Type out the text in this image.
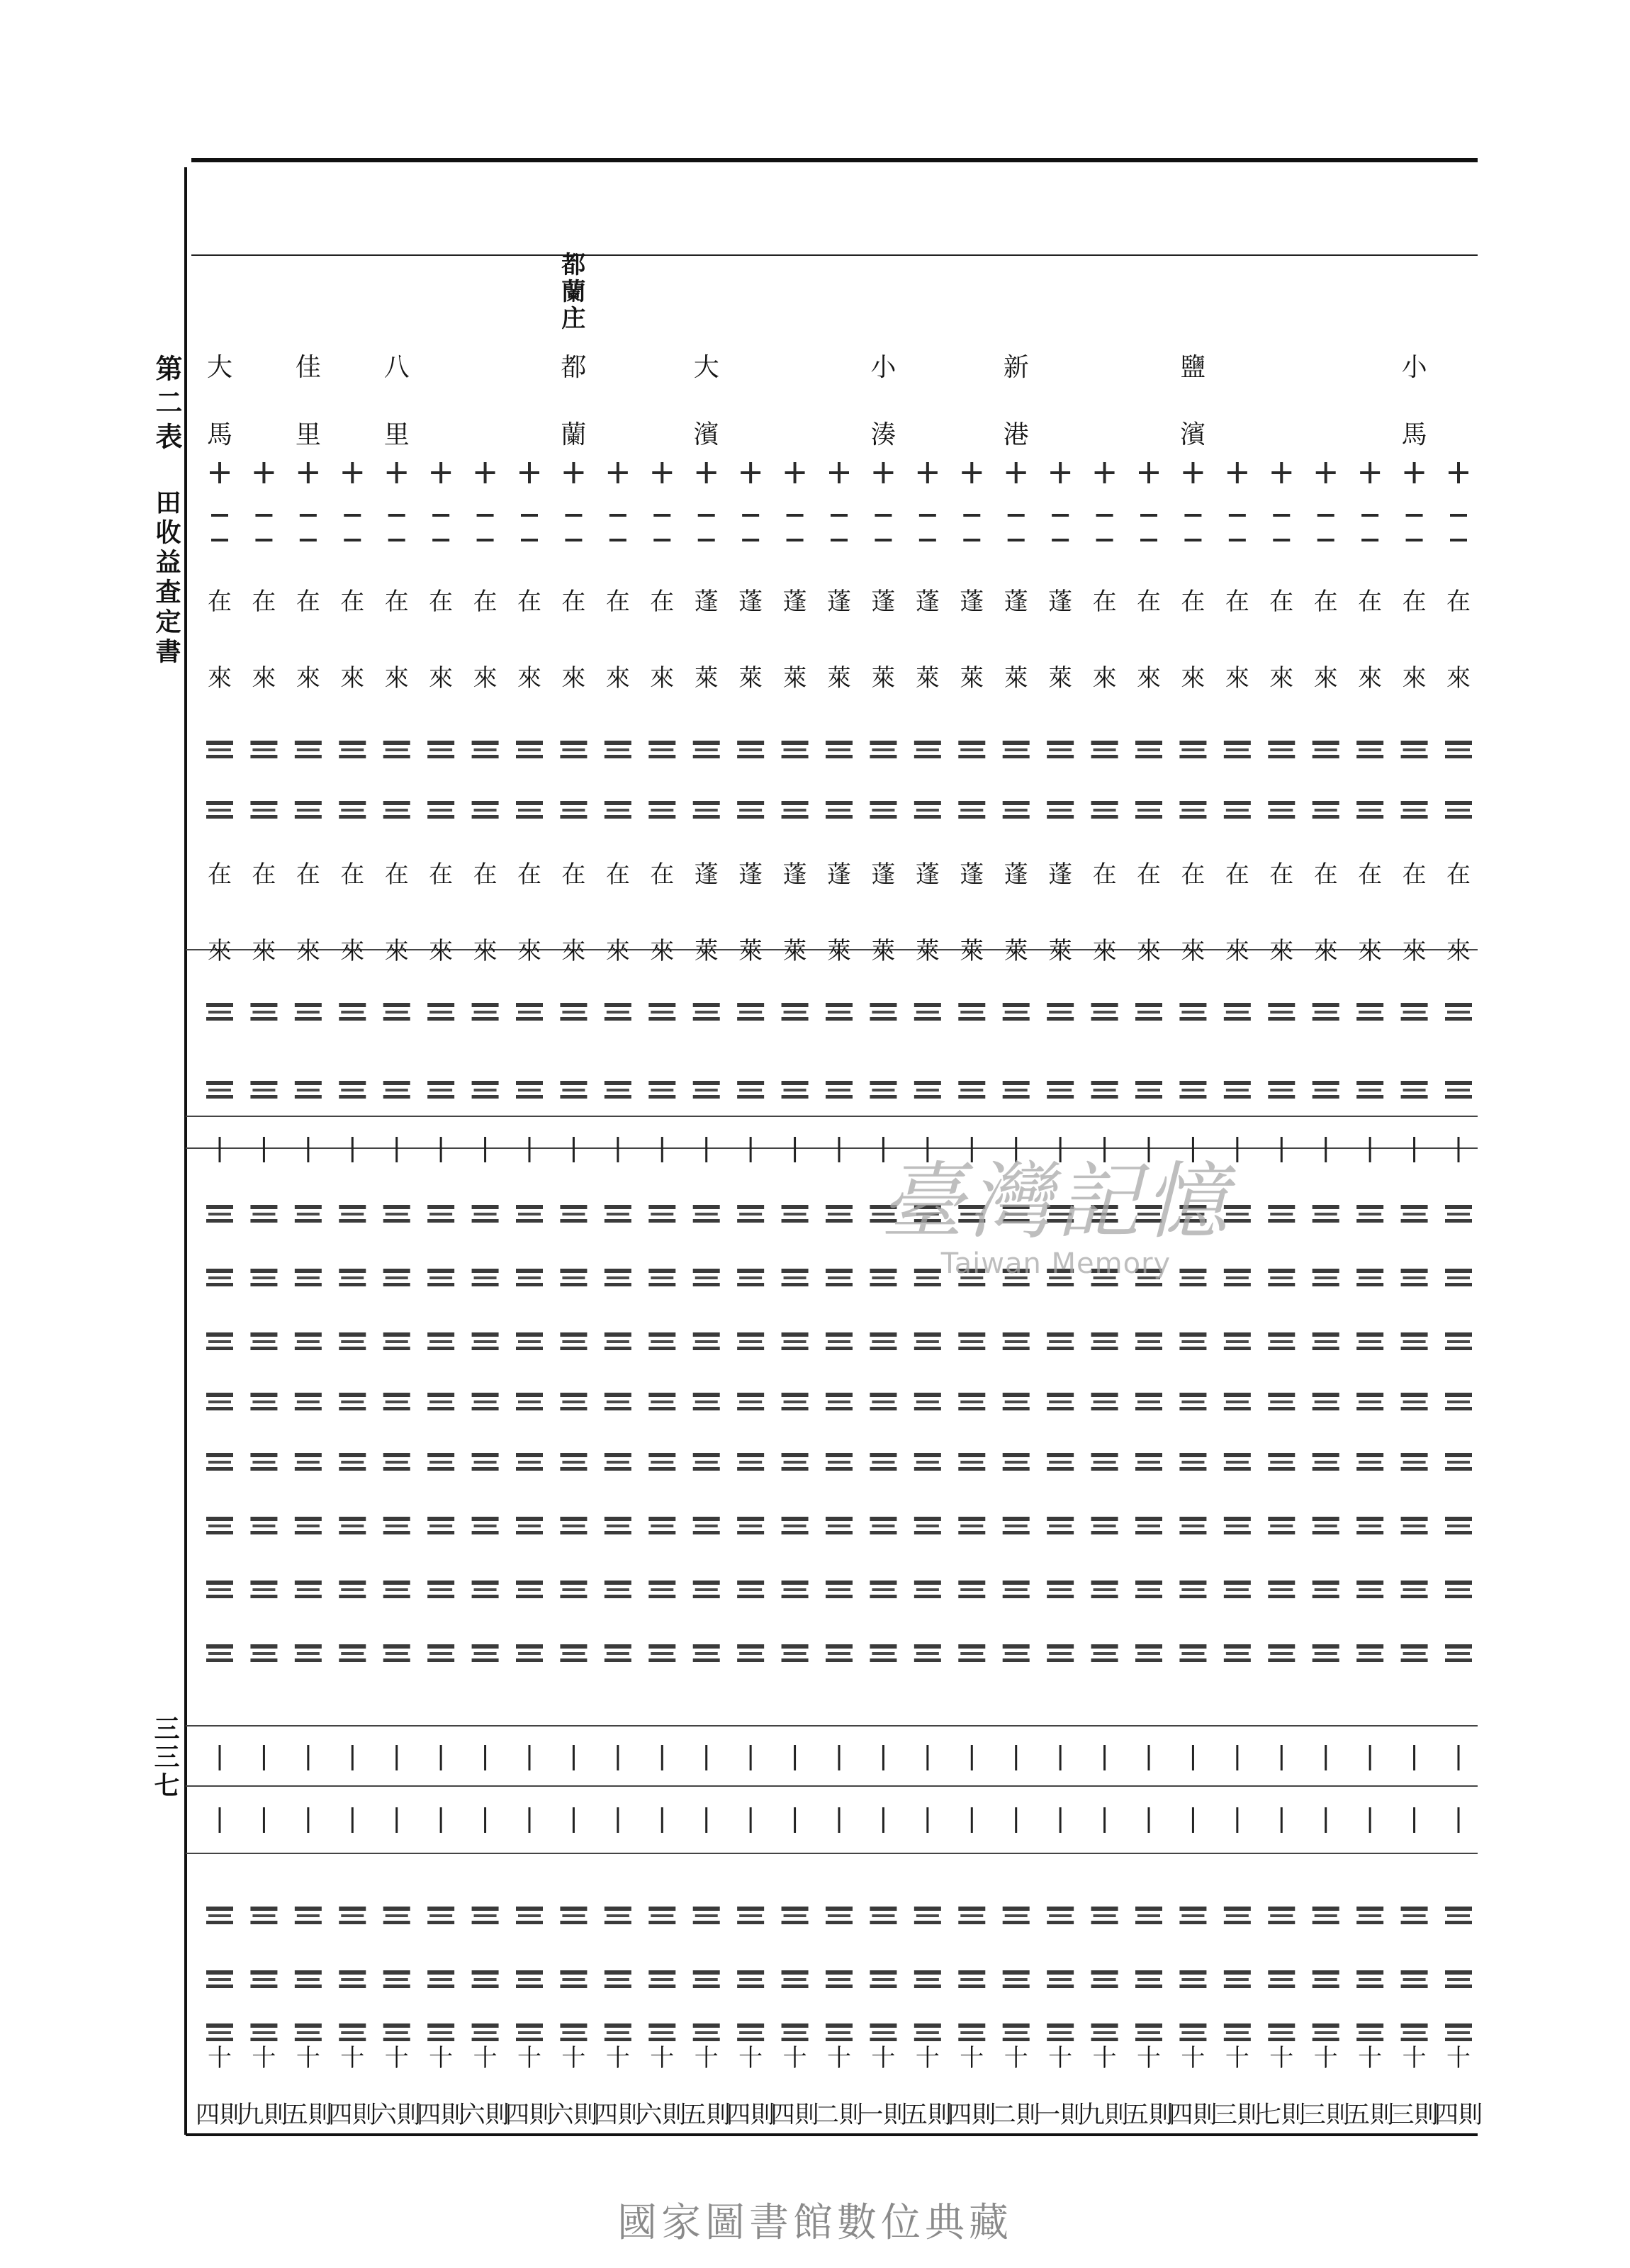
第二表
田收益査定書
三三七
小
馬
鹽
濱
新
港
小
湊
大
濱
都
蘭
八
里
佳
里
大
馬
都
蘭
庄
十
四則
十
三則
十
五則
十
三則
十
七則
十
三則
十
四則
十
五則
十
九則
十
一則
十
二則
十
四則
十
五則
十
一則
十
二則
十
四則
十
四則
十
五則
十
六則
十
四則
十
六則
十
四則
十
六則
十
四則
十
六則
十
四則
十
五則
十
九則
十
四則
在
來
在
來
在
來
在
來
在
來
在
來
在
來
在
來
在
來
蓬
萊
蓬
萊
蓬
萊
蓬
萊
蓬
萊
蓬
萊
蓬
萊
蓬
萊
蓬
萊
在
來
在
來
在
來
在
來
在
來
在
來
在
來
在
來
在
來
在
來
在
來
在
來
在
來
在
來
在
來
在
來
在
來
在
來
在
來
在
來
蓬
萊
蓬
萊
蓬
萊
蓬
萊
蓬
萊
蓬
萊
蓬
萊
蓬
萊
蓬
萊
在
來
在
來
在
來
在
來
在
來
在
來
在
來
在
來
在
來
在
來
在
來
臺灣記憶
Taiwan Memory
國家圖書館數位典藏
